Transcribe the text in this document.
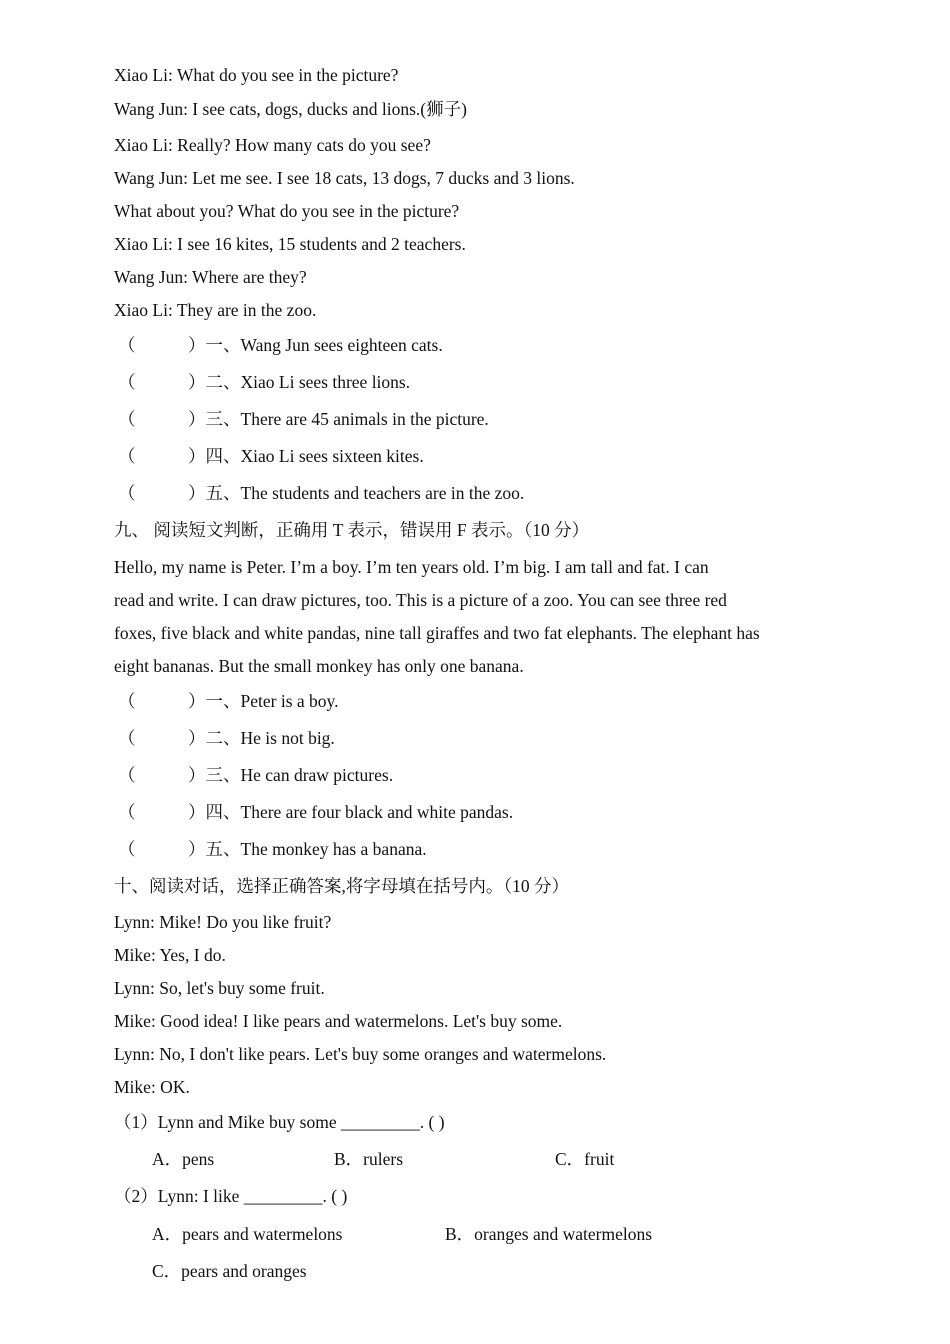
Xiao Li: What do you see in the picture?
Wang Jun: I see cats, dogs, ducks and lions.(狮子)
Xiao Li: Really? How many cats do you see?
Wang Jun: Let me see. I see 18 cats, 13 dogs, 7 ducks and 3 lions.
What about you? What do you see in the picture?
Xiao Li: I see 16 kites, 15 students and 2 teachers.
Wang Jun: Where are they?
Xiao Li: They are in the zoo.
（	）一、Wang Jun sees eighteen cats.
（	）二、Xiao Li sees three lions.
（	）三、There are 45 animals in the picture.
（	）四、Xiao Li sees sixteen kites.
（	）五、The students and teachers are in the zoo.
九、 阅读短文判断，正确用 T 表示，错误用 F 表示。（10 分）
Hello, my name is Peter. I’m a boy. I’m ten years old. I’m big. I am tall and fat. I can
read and write. I can draw pictures, too. This is a picture of a zoo. You can see three red
foxes, five black and white pandas, nine tall giraffes and two fat elephants. The elephant has
eight bananas. But the small monkey has only one banana.
（	）一、Peter is a boy.
（	）二、He is not big.
（	）三、He can draw pictures.
（	）四、There are four black and white pandas.
（	）五、The monkey has a banana.
十、阅读对话，选择正确答案,将字母填在括号内。（10 分）
Lynn: Mike! Do you like fruit?
Mike: Yes, I do.
Lynn: So, let's buy some fruit.
Mike: Good idea! I like pears and watermelons. Let's buy some.
Lynn: No, I don't like pears. Let's buy some oranges and watermelons.
Mike: OK.
（1）Lynn and Mike buy some _________. ( )
A．pens	B．rulers	C．fruit
（2）Lynn: I like _________. ( )
A．pears and watermelons	B．oranges and watermelons
C．pears and oranges
